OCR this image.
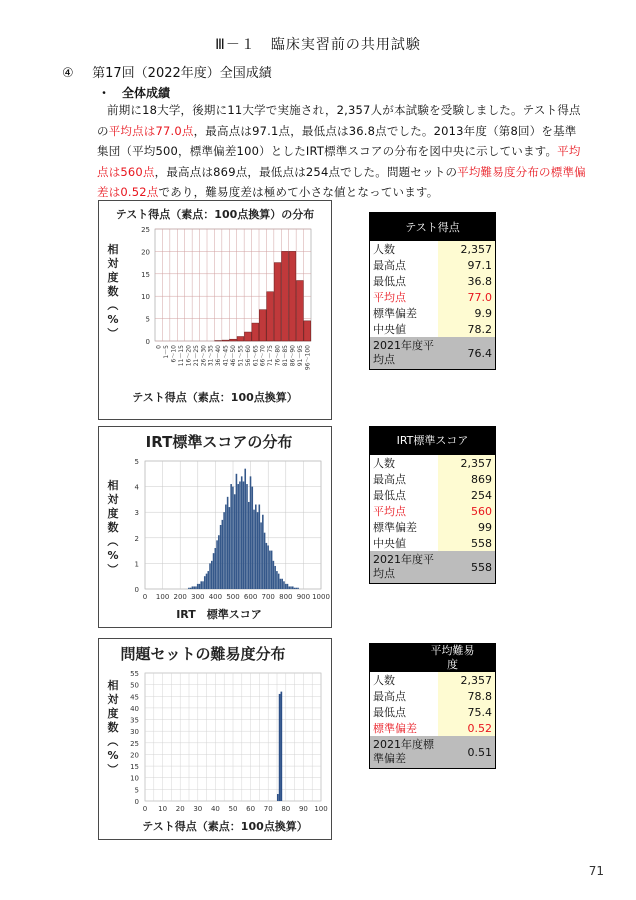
Ⅲ－１　臨床実習前の共用試験
④ 第17回（2022年度）全国成績
・　全体成績
前期に18大学，後期に11大学で実施され，2,357人が本試験を受験しました。テスト得点の平均点は77.0点，最高点は97.1点，最低点は36.8点でした。2013年度（第8回）を基準集団（平均500，標準偏差100）としたIRT標準スコアの分布を図中央に示しています。平均点は560点，最高点は869点，最低点は254点でした。問題セットの平均難易度分布の標準偏差は0.52点であり，難易度差は極めて小さな値となっています。
テスト得点（素点：100点換算）の分布
0
5
10
15
20
25
0 1～5 6～10 11～15 16～20 21～25 26～30 31～35 36～40 41～45 46～50 51～55 56～60 61～65 66～70 71～75 76～80 81～85 86～90 91～95 96～100
相
対
度
数
（
%
）
テスト得点（素点：100点換算）
IRT標準スコアの分布
0 100 200 300 400 500 600 700 800 900 1000
0
1
2
3
4
5
相
対
度
数
（
%
）
IRT　標準スコア
問題セットの難易度分布
0 10 20 30 40 50 60 70 80 90 100
0
5
10
15
20
25
30
35
40
45
50
55
相
対
度
数
（
%
）
テスト得点（素点：100点換算）
テスト得点	
人数	2,357
最高点	97.1
最低点	36.8
平均点	77.0
標準偏差	9.9
中央値	78.2
2021年度平均点	76.4
IRT標準スコア	
人数	2,357
最高点	869
最低点	254
平均点	560
標準偏差	99
中央値	558
2021年度平均点	558
平均難易度	
人数	2,357
最高点	78.8
最低点	75.4
標準偏差	0.52
2021年度標準偏差	0.51
71
